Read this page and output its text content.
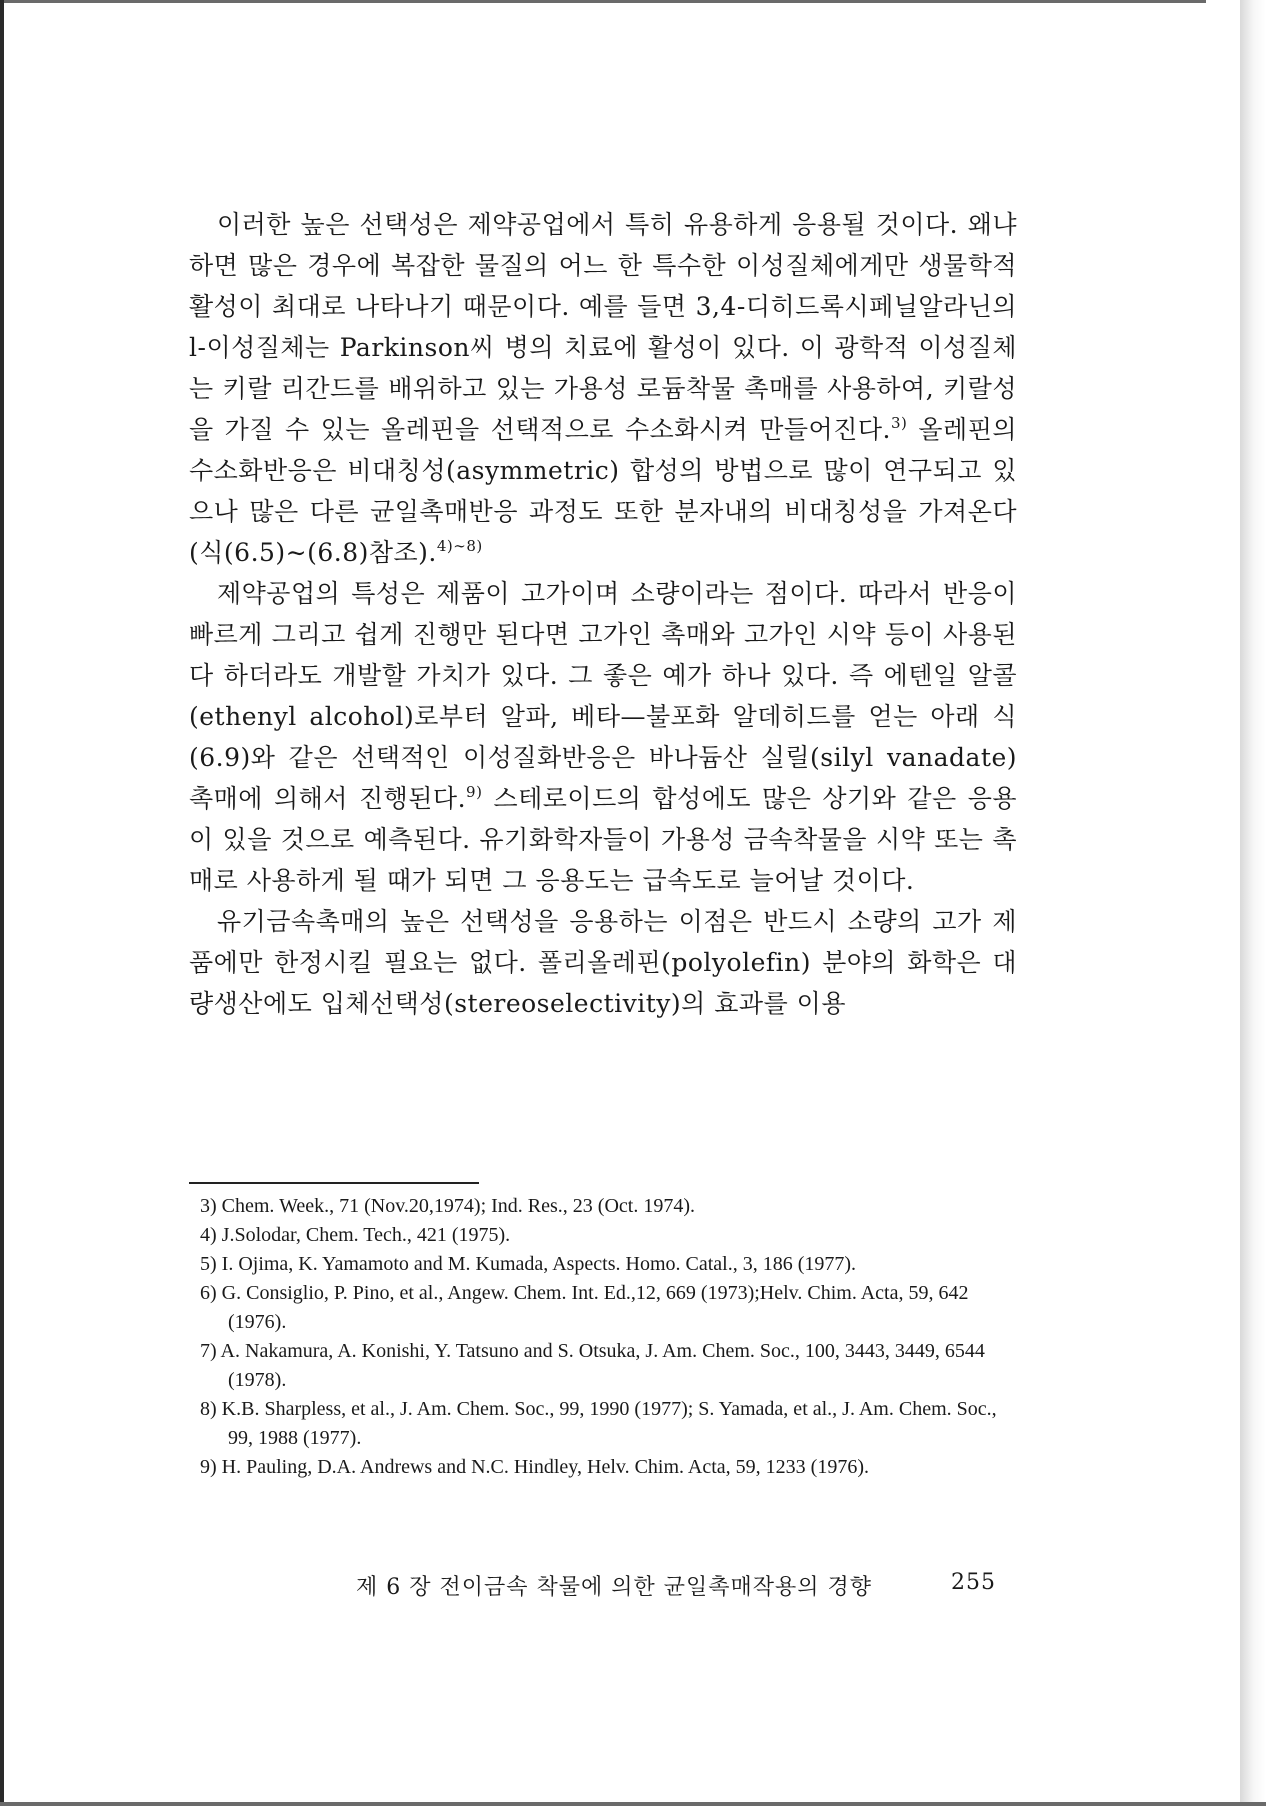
이러한 높은 선택성은 제약공업에서 특히 유용하게 응용될 것이다. 왜냐하면 많은 경우에 복잡한 물질의 어느 한 특수한 이성질체에게만 생물학적 활성이 최대로 나타나기 때문이다. 예를 들면 3,4-디히드록시페닐알라닌의 l-이성질체는 Parkinson씨 병의 치료에 활성이 있다. 이 광학적 이성질체는 키랄 리간드를 배위하고 있는 가용성 로듐착물 촉매를 사용하여, 키랄성을 가질 수 있는 올레핀을 선택적으로 수소화시켜 만들어진다.$^{3)}$ 올레핀의 수소화반응은 비대칭성(asymmetric) 합성의 방법으로 많이 연구되고 있으나 많은 다른 균일촉매반응 과정도 또한 분자내의 비대칭성을 가져온다(식(6.5)∼(6.8)참조).$^{4)\sim 8)}$

제약공업의 특성은 제품이 고가이며 소량이라는 점이다. 따라서 반응이 빠르게 그리고 쉽게 진행만 된다면 고가인 촉매와 고가인 시약 등이 사용된다 하더라도 개발할 가치가 있다. 그 좋은 예가 하나 있다. 즉 에텐일 알콜(ethenyl alcohol)로부터 알파, 베타—불포화 알데히드를 얻는 아래 식(6.9)와 같은 선택적인 이성질화반응은 바나듐산 실릴(silyl vanadate) 촉매에 의해서 진행된다.$^{9)}$ 스테로이드의 합성에도 많은 상기와 같은 응용이 있을 것으로 예측된다. 유기화학자들이 가용성 금속착물을 시약 또는 촉매로 사용하게 될 때가 되면 그 응용도는 급속도로 늘어날 것이다.

유기금속촉매의 높은 선택성을 응용하는 이점은 반드시 소량의 고가 제품에만 한정시킬 필요는 없다. 폴리올레핀(polyolefin) 분야의 화학은 대량생산에도 입체선택성(stereoselectivity)의 효과를 이용

3) Chem. Week., 71 (Nov.20,1974); Ind. Res., 23 (Oct. 1974).
4) J.Solodar, Chem. Tech., 421 (1975).
5) I. Ojima, K. Yamamoto and M. Kumada, Aspects. Homo. Catal., 3, 186 (1977).
6) G. Consiglio, P. Pino, et al., Angew. Chem. Int. Ed.,12, 669 (1973);Helv. Chim. Acta, 59, 642 (1976).
7) A. Nakamura, A. Konishi, Y. Tatsuno and S. Otsuka, J. Am. Chem. Soc., 100, 3443, 3449, 6544 (1978).
8) K.B. Sharpless, et al., J. Am. Chem. Soc., 99, 1990 (1977); S. Yamada, et al., J. Am. Chem. Soc., 99, 1988 (1977).
9) H. Pauling, D.A. Andrews and N.C. Hindley, Helv. Chim. Acta, 59, 1233 (1976).
제 6 장 전이금속 착물에 의한 균일촉매작용의 경향	255
